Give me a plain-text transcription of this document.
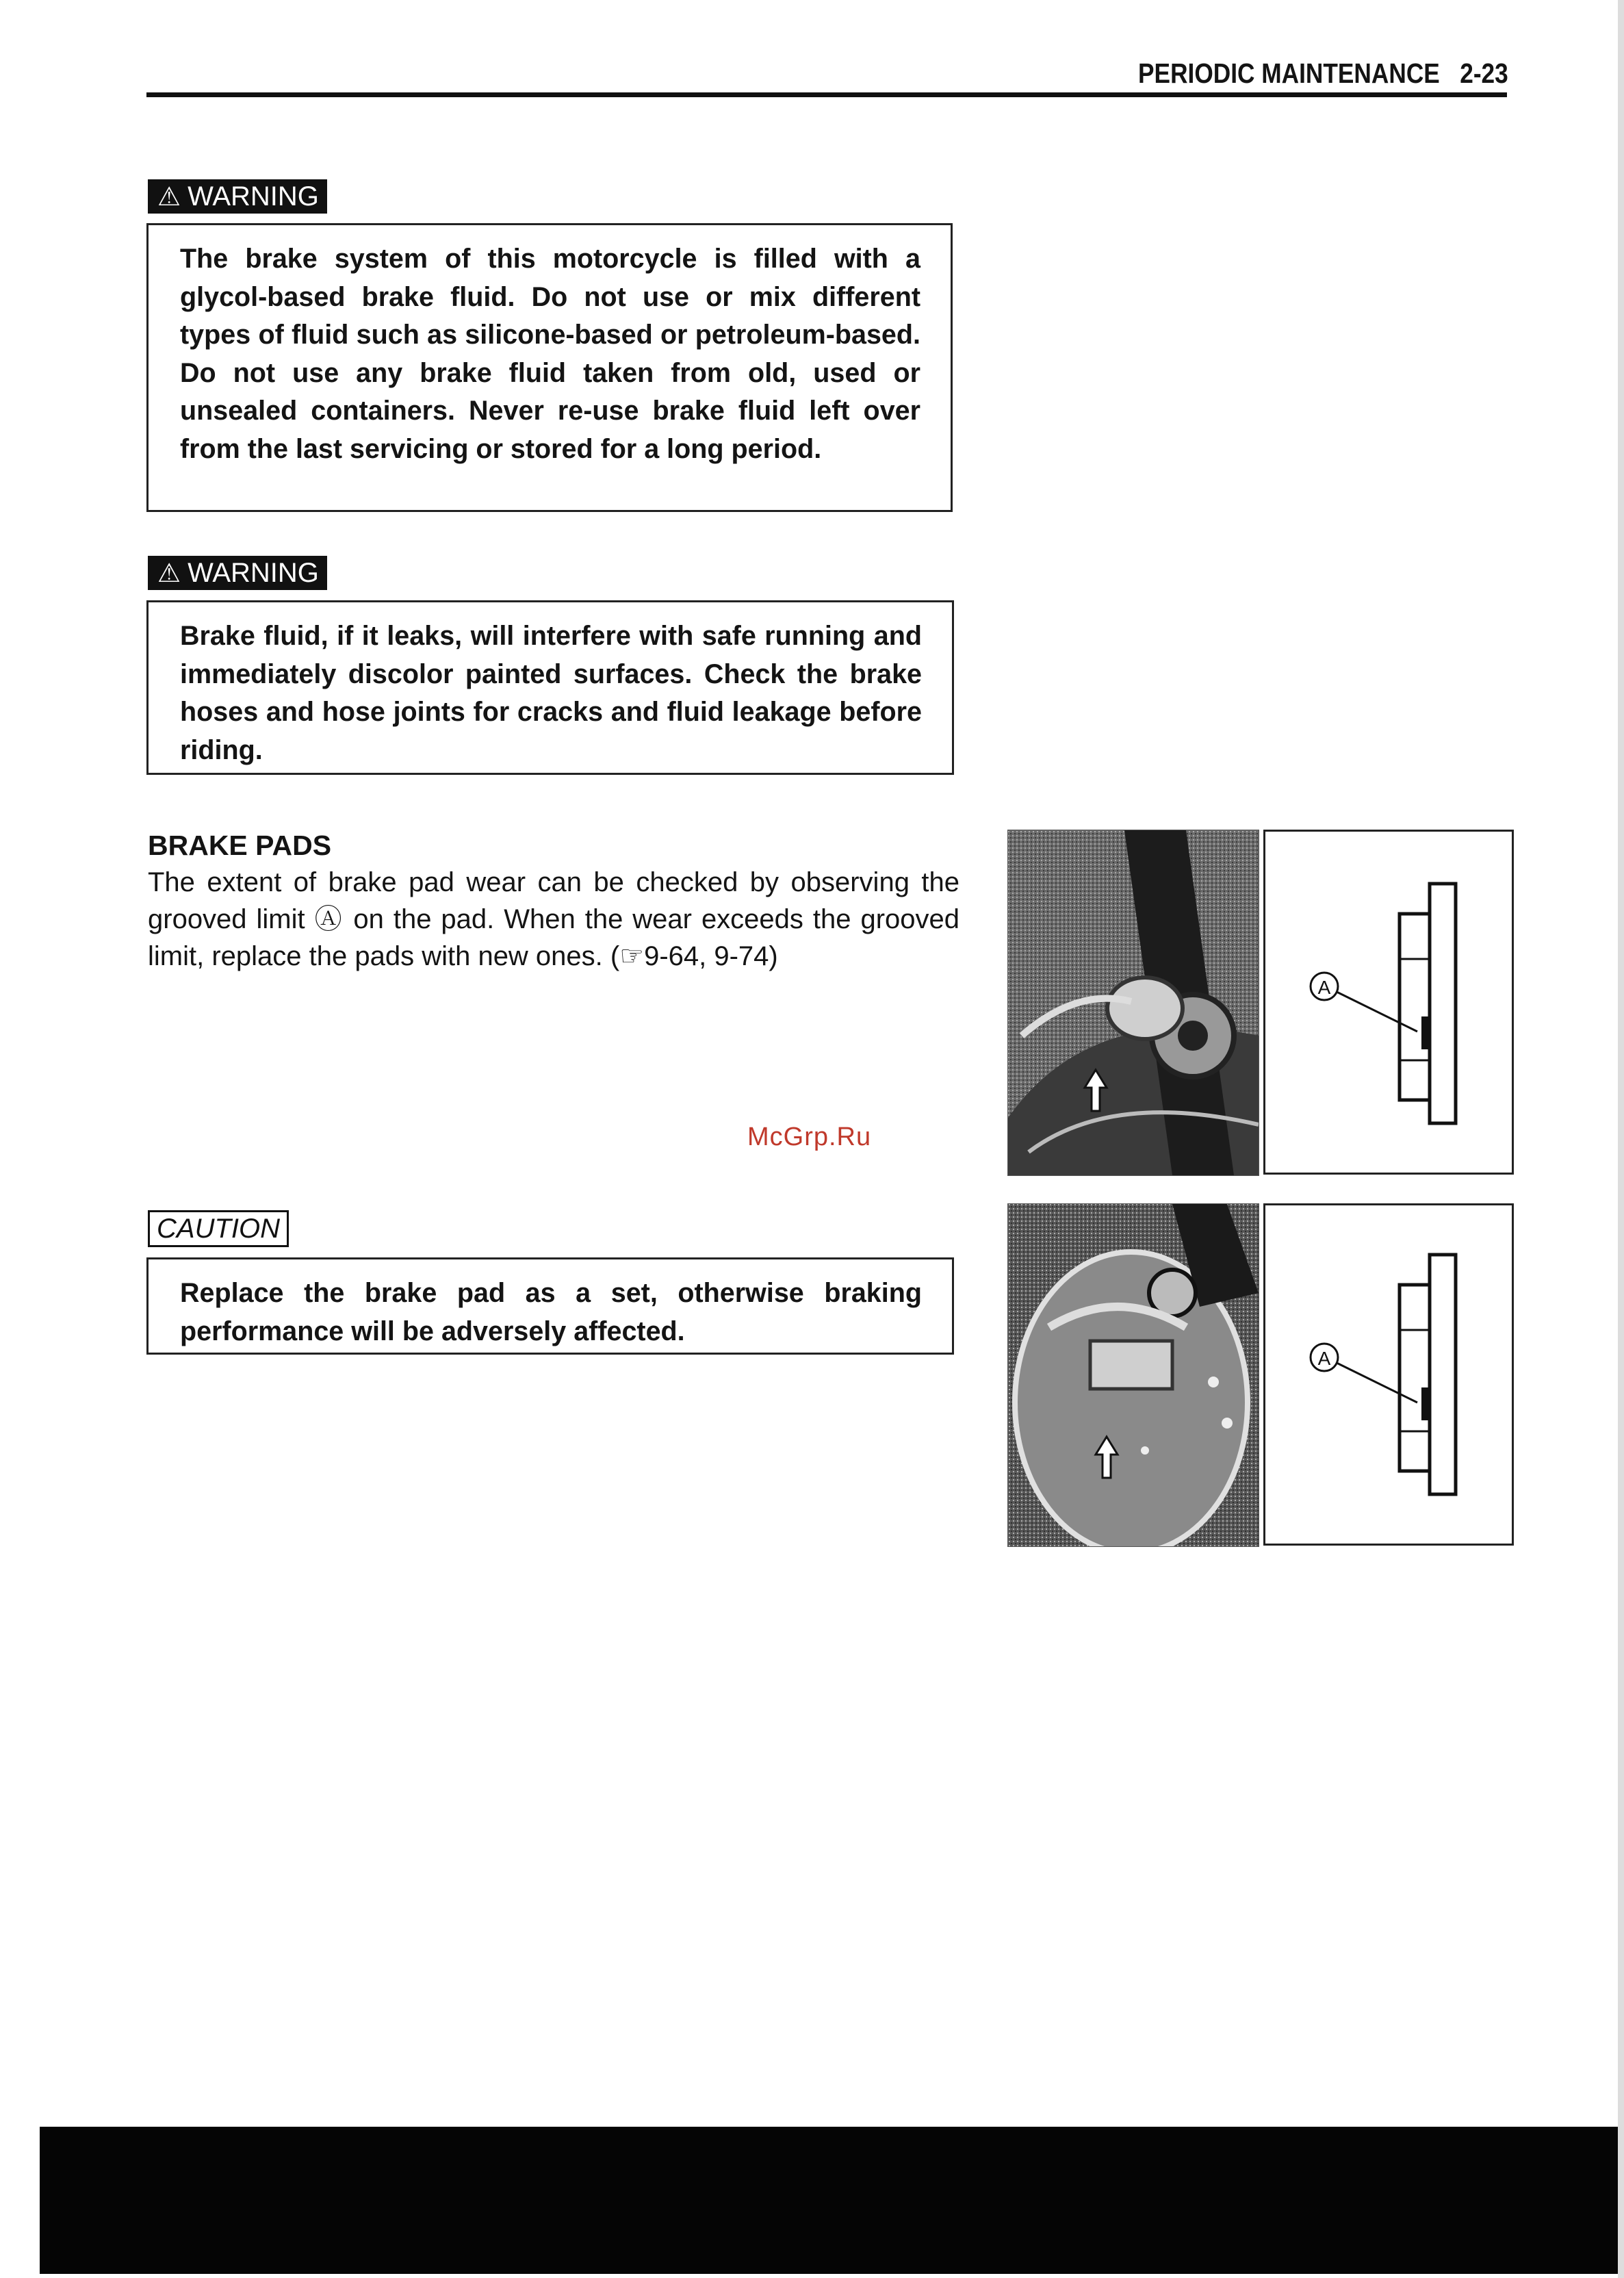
PERIODIC MAINTENANCE 2-23
⚠ WARNING
The brake system of this motorcycle is filled with a glycol-based brake fluid. Do not use or mix different types of fluid such as silicone-based or petroleum-based. Do not use any brake fluid taken from old, used or unsealed containers. Never re-use brake fluid left over from the last servicing or stored for a long period.
⚠ WARNING
Brake fluid, if it leaks, will interfere with safe running and immediately discolor painted surfaces. Check the brake hoses and hose joints for cracks and fluid leakage before riding.
BRAKE PADS
The extent of brake pad wear can be checked by observing the grooved limit Ⓐ on the pad. When the wear exceeds the grooved limit, replace the pads with new ones. (☞9-64, 9-74)
A
McGrp.Ru
CAUTION
Replace the brake pad as a set, otherwise braking performance will be adversely affected.
A
